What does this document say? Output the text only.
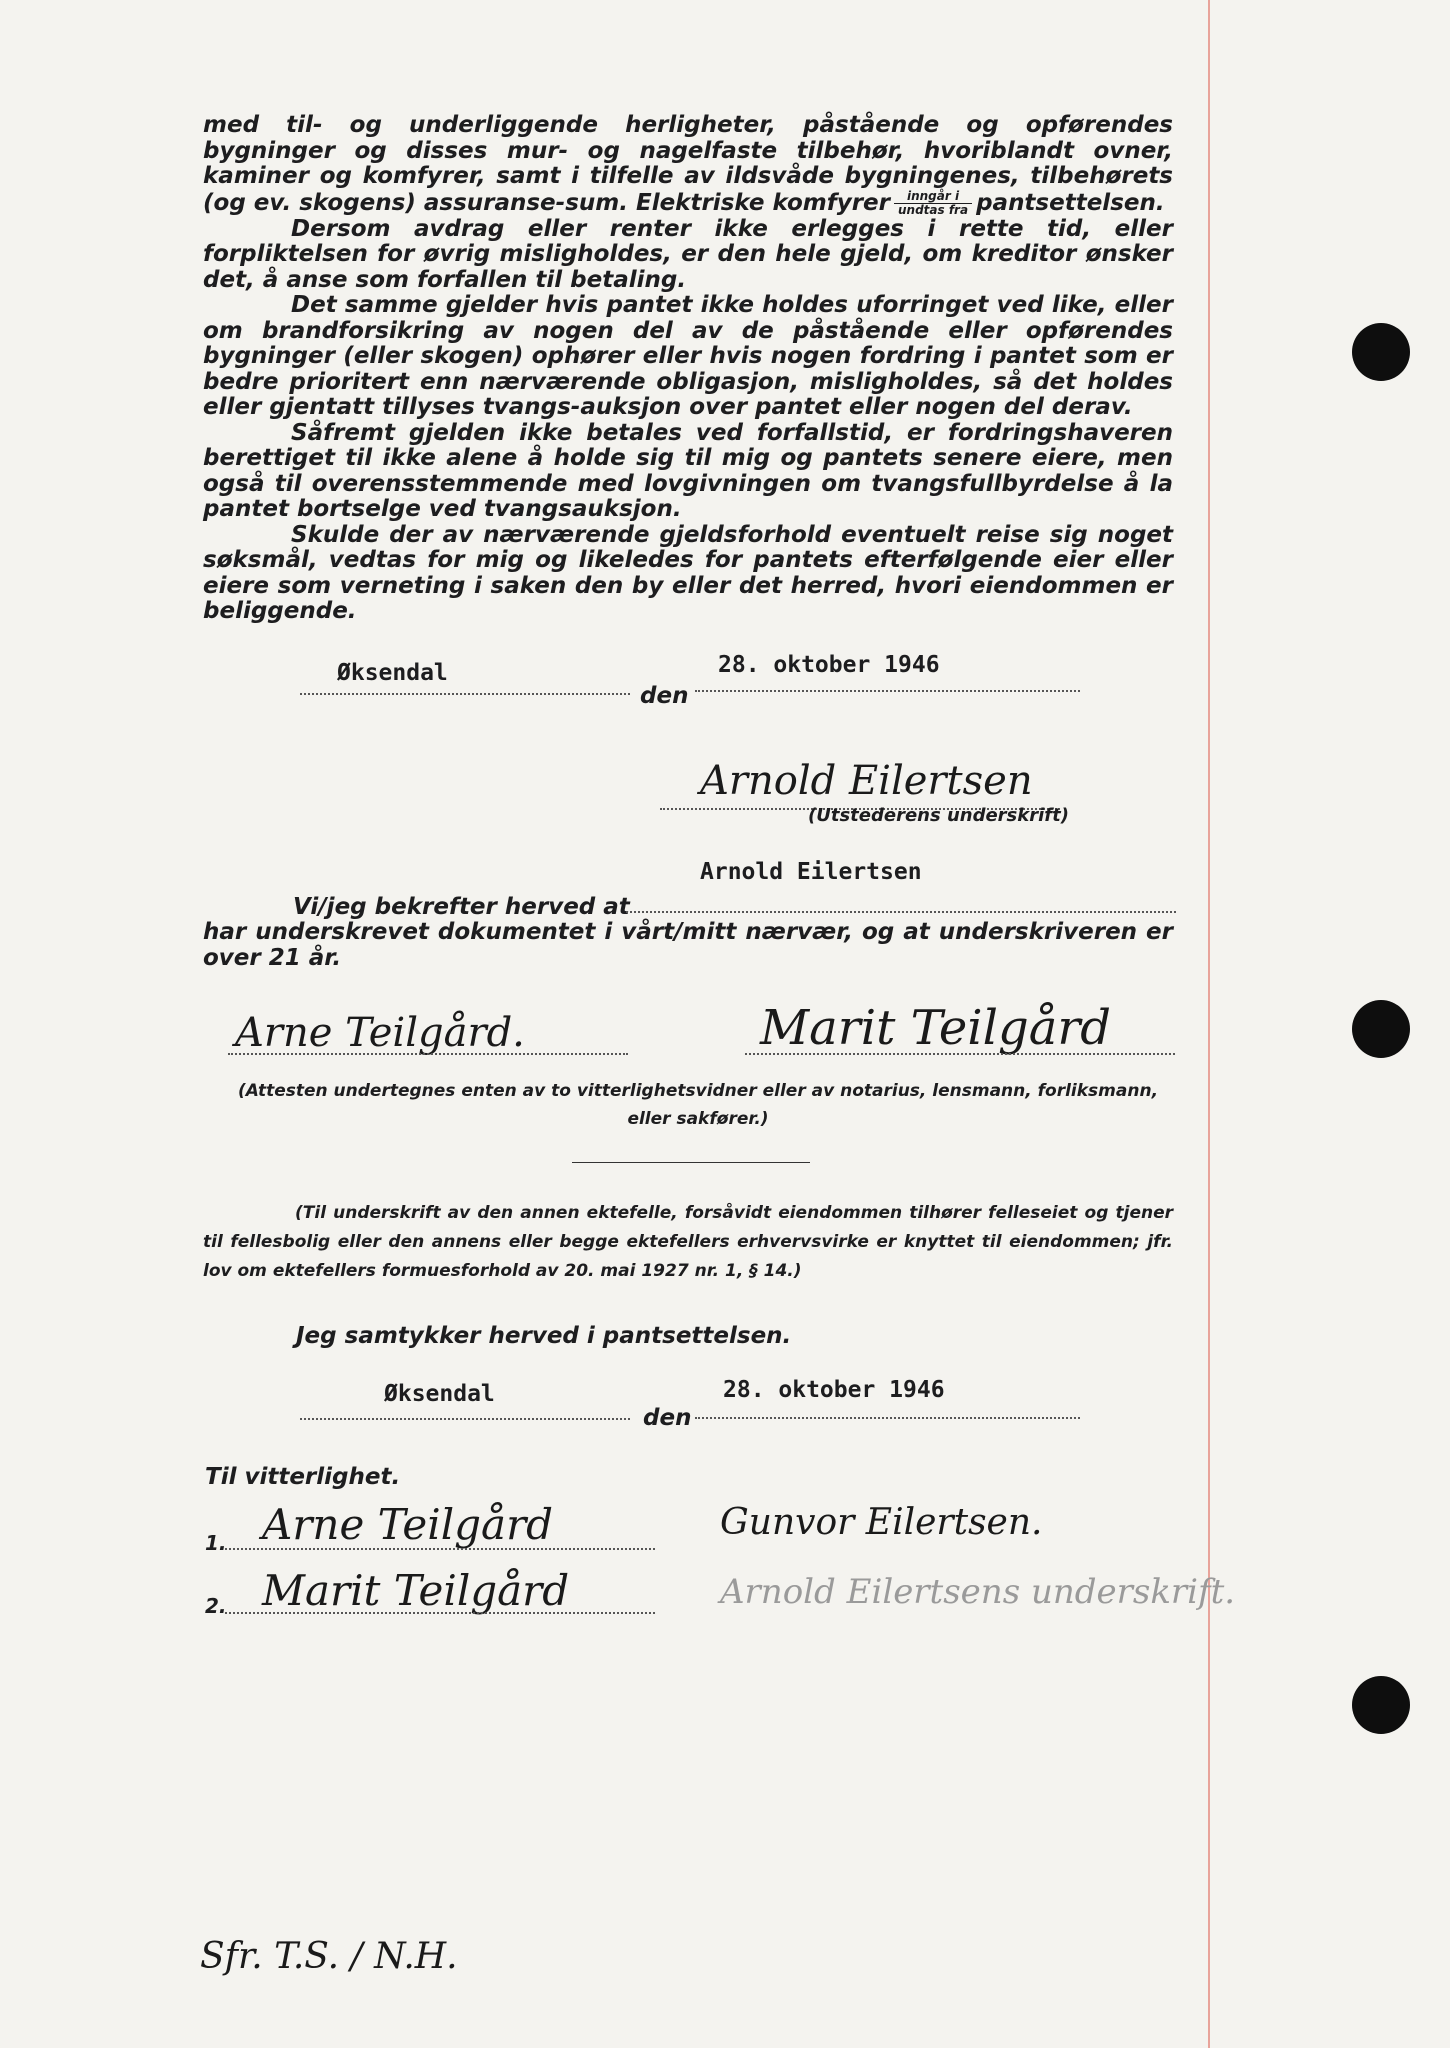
med til- og underliggende herligheter, påstående og opførendes bygninger og disses mur- og nagelfaste tilbehør, hvoriblandt ovner, kaminer og komfyrer, samt i tilfelle av ildsvåde bygningenes, tilbehørets (og ev. skogens) assuranse-sum. Elektriske komfyrer $\frac{\text{inngår i}}{\text{undtas fra}}$ pantsettelsen.

Dersom avdrag eller renter ikke erlegges i rette tid, eller forpliktelsen for øvrig misligholdes, er den hele gjeld, om kreditor ønsker det, å anse som forfallen til betaling.

Det samme gjelder hvis pantet ikke holdes uforringet ved like, eller om brandforsikring av nogen del av de påstående eller opførendes bygninger (eller skogen) ophører eller hvis nogen fordring i pantet som er bedre prioritert enn nærværende obligasjon, misligholdes, så det holdes eller gjentatt tillyses tvangs-auksjon over pantet eller nogen del derav.

Såfremt gjelden ikke betales ved forfallstid, er fordringshaveren berettiget til ikke alene å holde sig til mig og pantets senere eiere, men også til overensstemmende med lovgivningen om tvangsfullbyrdelse å la pantet bortselge ved tvangsauksjon.

Skulde der av nærværende gjeldsforhold eventuelt reise sig noget søksmål, vedtas for mig og likeledes for pantets efterfølgende eier eller eiere som verneting i saken den by eller det herred, hvori eiendommen er beliggende.

Øksendal	28. oktober 1946
den
Arnold Eilertsen
(Utstederens underskrift)
Arnold Eilertsen
Vi/jeg bekrefter herved at
har underskrevet dokumentet i vårt/mitt nærvær, og at underskriveren er over 21 år.
Arne Teilgård.	Marit Teilgård
(Attesten undertegnes enten av to vitterlighetsvidner eller av notarius, lensmann, forliksmann,
eller sakfører.)
(Til underskrift av den annen ektefelle, forsåvidt eiendommen tilhører felleseiet og tjener til fellesbolig eller den annens eller begge ektefellers erhvervsvirke er knyttet til eiendommen; jfr. lov om ektefellers formuesforhold av 20. mai 1927 nr. 1, § 14.)
Jeg samtykker herved i pantsettelsen.
Øksendal	28. oktober 1946
den
Til vitterlighet.
1. Arne Teilgård	Gunvor Eilertsen.
2. Marit Teilgård	Arnold Eilertsens underskrift.
Sfr. T.S. / N.H.
